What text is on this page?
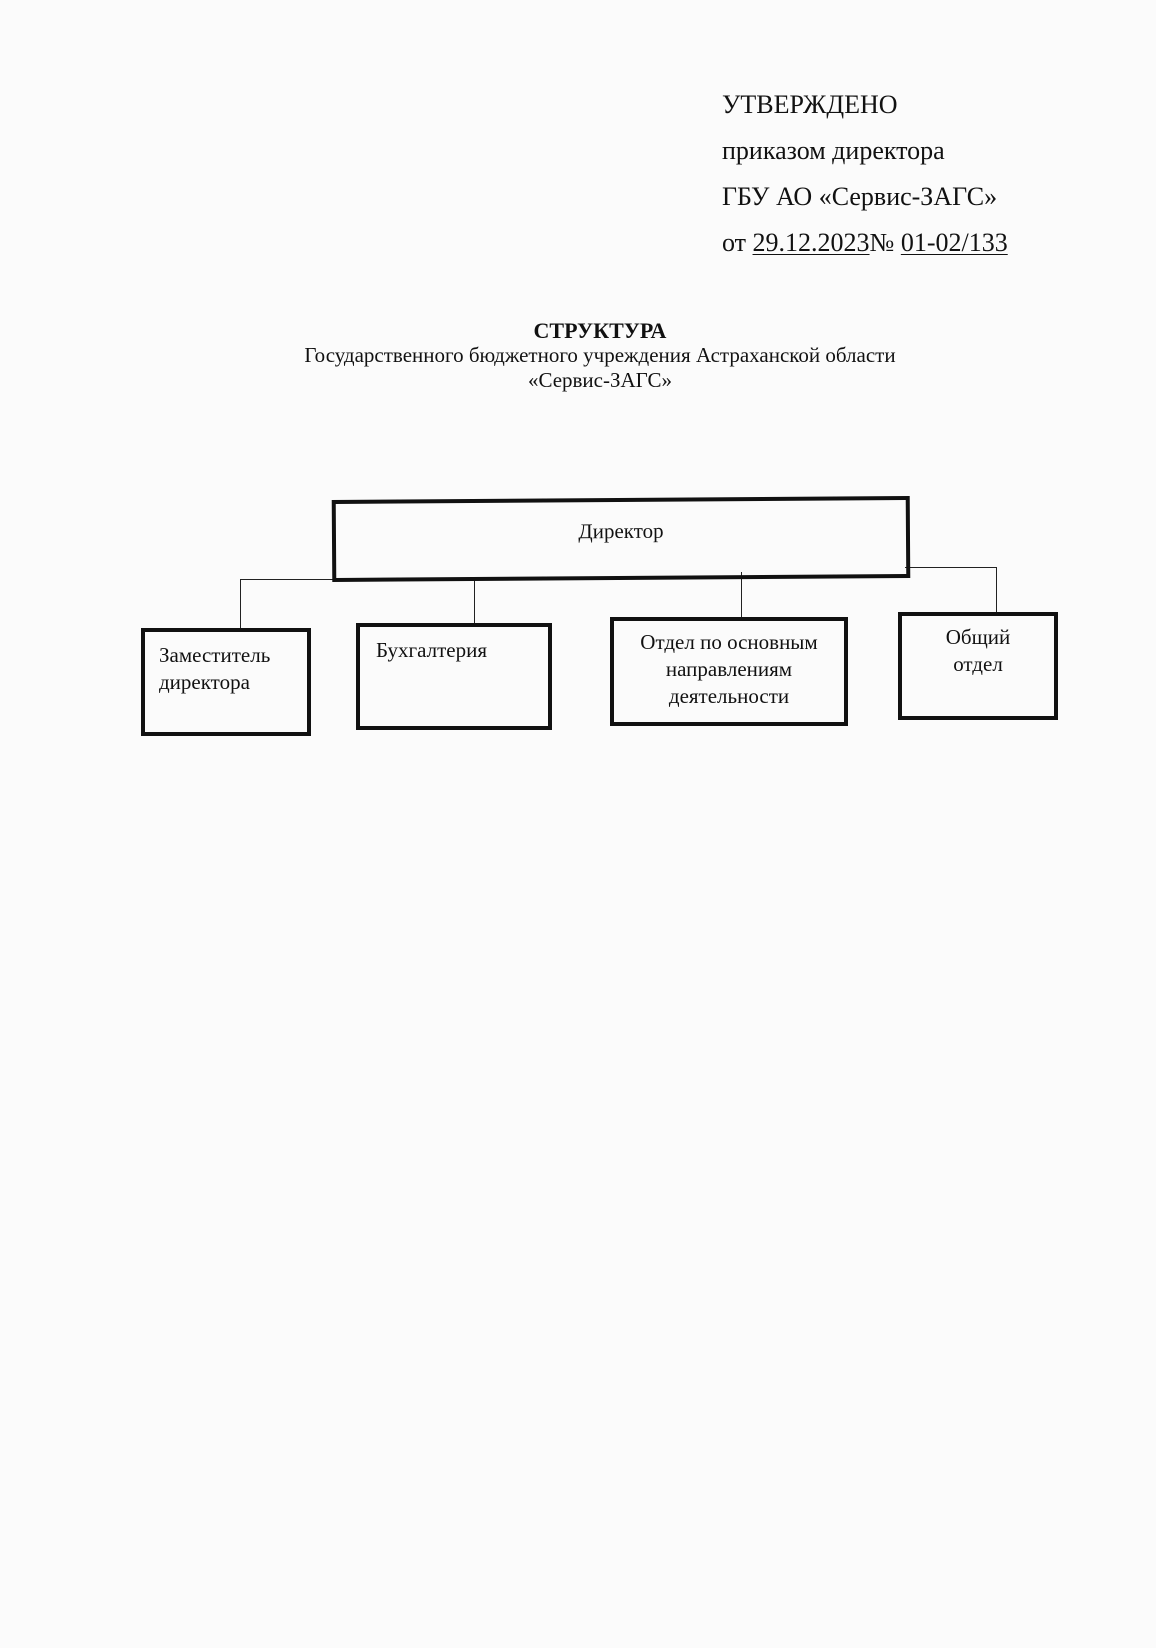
УТВЕРЖДЕНО
приказом директора
ГБУ АО «Сервис-ЗАГС»
от 29.12.2023№ 01-02/133
СТРУКТУРА
Государственного бюджетного учреждения Астраханской области
«Сервис-ЗАГС»
Директор
Заместитель
директора
Бухгалтерия	Отдел по основным
направлениям
деятельности
Общий
отдел
